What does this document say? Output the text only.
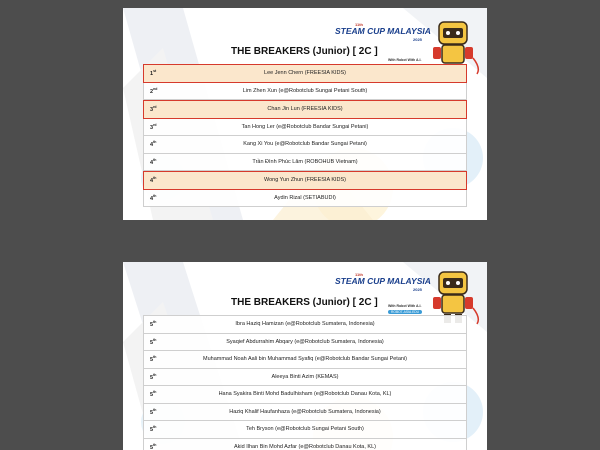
11th
STEAM CUP MALAYSIA
2025
With Robot With A.I.
THE BREAKERS (Junior) [ 2C ]
1st	Lee Jenn Chern (FREESIA KIDS)
2nd	Lim Zhen Xun (e@Robotclub Sungai Petani South)
3rd	Chan Jin Lun (FREESIA KIDS)
3rd	Tan Hong Ler (e@Robotclub Bandar Sungai Petani)
4th	Kang Xi You (e@Robotclub Bandar Sungai Petani)
4th	Trần Đình Phúc Lâm (ROBOHUB Vietnam)
4th	Wong Yun Zhun (FREESIA KIDS)
4th	Aydin Rizal (SETIABUDI)
11th
STEAM CUP MALAYSIA
2025
With Robot With A.I.
ROBOT-ASIA.EDU
THE BREAKERS (Junior) [ 2C ]
5th	Ibra Haziq Hamizan (e@Robotclub Sumatera, Indonesia)
5th	Syaqief Abdurrahim Abqary (e@Robotclub Sumatera, Indonesia)
5th	Muhammad Noah Aali bin Muhammad Syafiq (e@Robotclub Bandar Sungai Petani)
5th	Aleeya Binti Azim (KEMAS)
5th	Hana Syakira Binti Mohd Badulhisham (e@Robotclub Danau Kota, KL)
5th	Haziq Khalif Haufanhaza (e@Robotclub Sumatera, Indonesia)
5th	Teh Bryson (e@Robotclub Sungai Petani South)
5th	Akid Ilhan Bin Mohd Azfar (e@Robotclub Danau Kota, KL)
